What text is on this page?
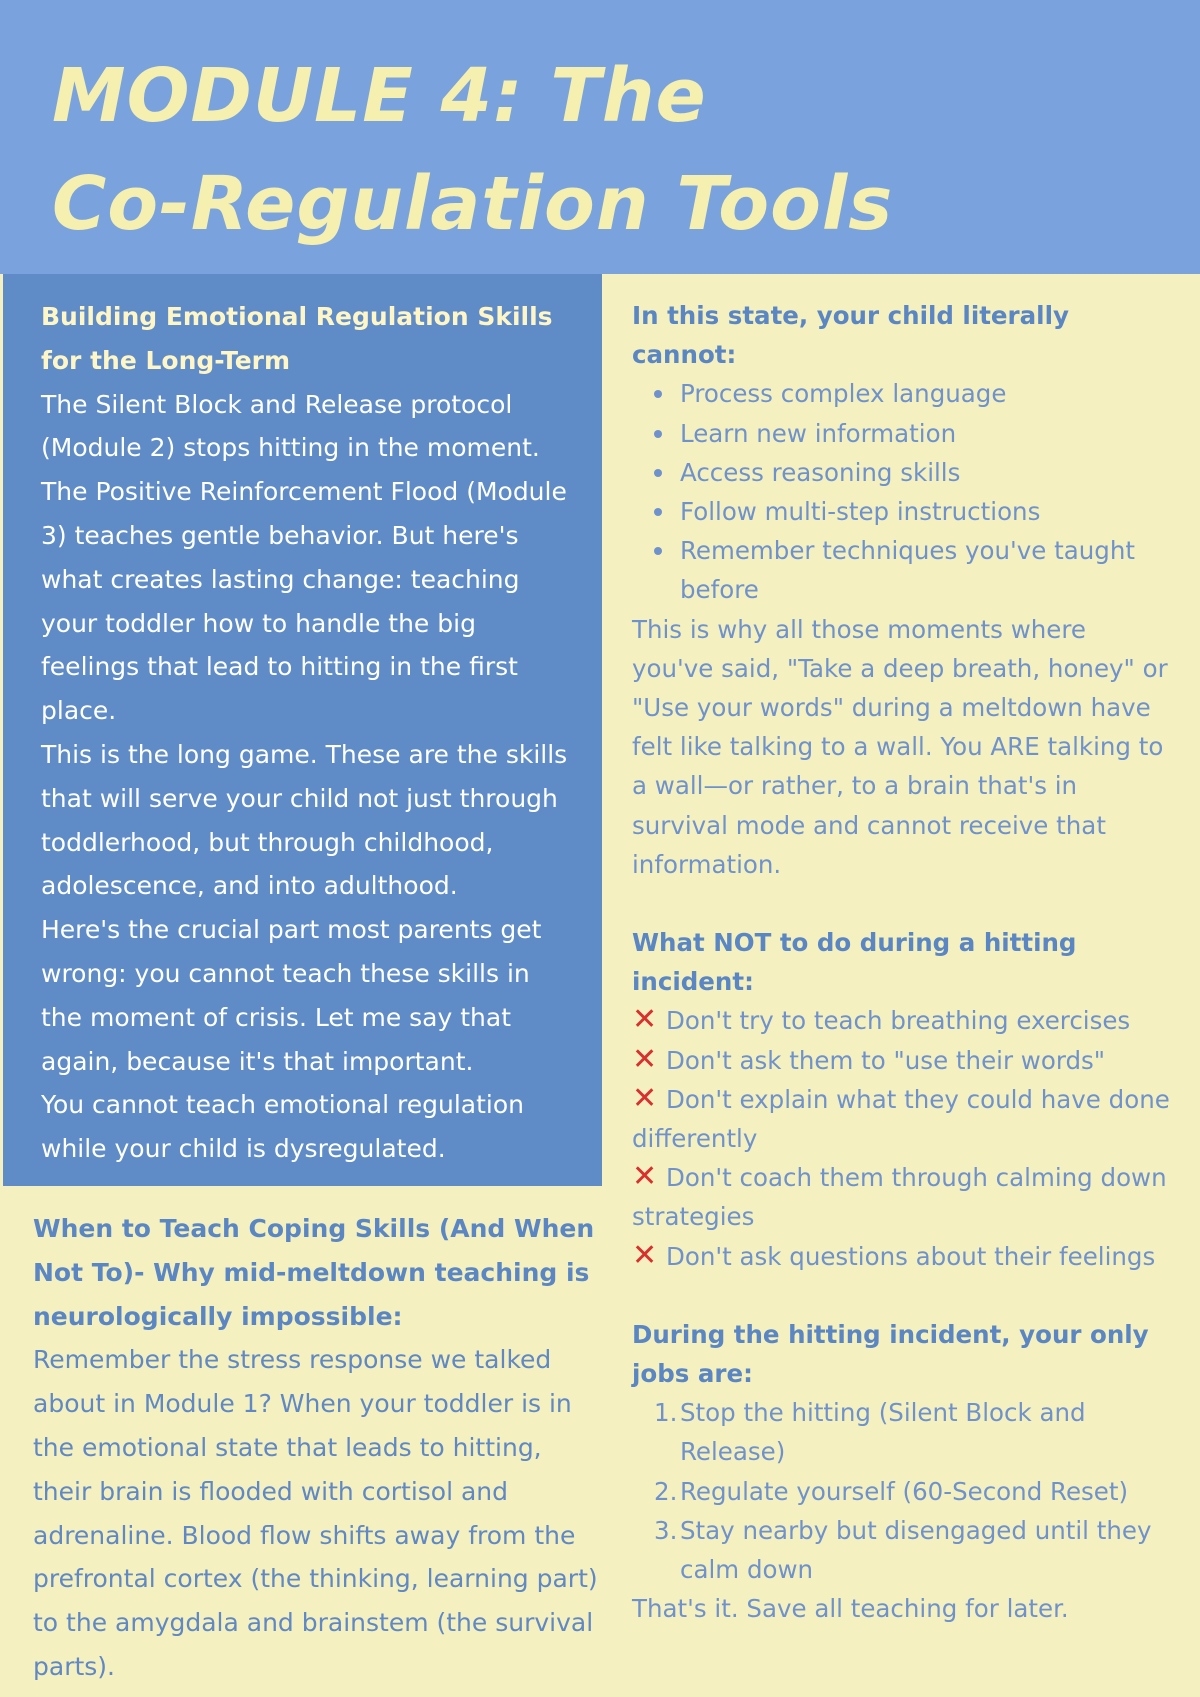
MODULE 4: The
Co-Regulation Tools

Building Emotional Regulation Skills for the Long-Term

The Silent Block and Release protocol (Module 2) stops hitting in the moment. The Positive Reinforcement Flood (Module 3) teaches gentle behavior. But here's what creates lasting change: teaching your toddler how to handle the big feelings that lead to hitting in the first place.

This is the long game. These are the skills that will serve your child not just through toddlerhood, but through childhood, adolescence, and into adulthood.

Here's the crucial part most parents get wrong: you cannot teach these skills in the moment of crisis. Let me say that again, because it's that important.

You cannot teach emotional regulation while your child is dysregulated.

When to Teach Coping Skills (And When Not To)- Why mid-meltdown teaching is neurologically impossible:

Remember the stress response we talked about in Module 1? When your toddler is in the emotional state that leads to hitting, their brain is flooded with cortisol and adrenaline. Blood flow shifts away from the prefrontal cortex (the thinking, learning part) to the amygdala and brainstem (the survival parts).

In this state, your child literally cannot:

Process complex language
Learn new information
Access reasoning skills
Follow multi-step instructions
Remember techniques you've taught before

This is why all those moments where you've said, "Take a deep breath, honey" or "Use your words" during a meltdown have felt like talking to a wall. You ARE talking to a wall—or rather, to a brain that's in survival mode and cannot receive that information.

What NOT to do during a hitting incident:

✕ Don't try to teach breathing exercises
✕ Don't ask them to "use their words"
✕ Don't explain what they could have done differently
✕ Don't coach them through calming down strategies
✕ Don't ask questions about their feelings

During the hitting incident, your only jobs are:

1. Stop the hitting (Silent Block and Release)
2. Regulate yourself (60-Second Reset)
3. Stay nearby but disengaged until they calm down

That's it. Save all teaching for later.
